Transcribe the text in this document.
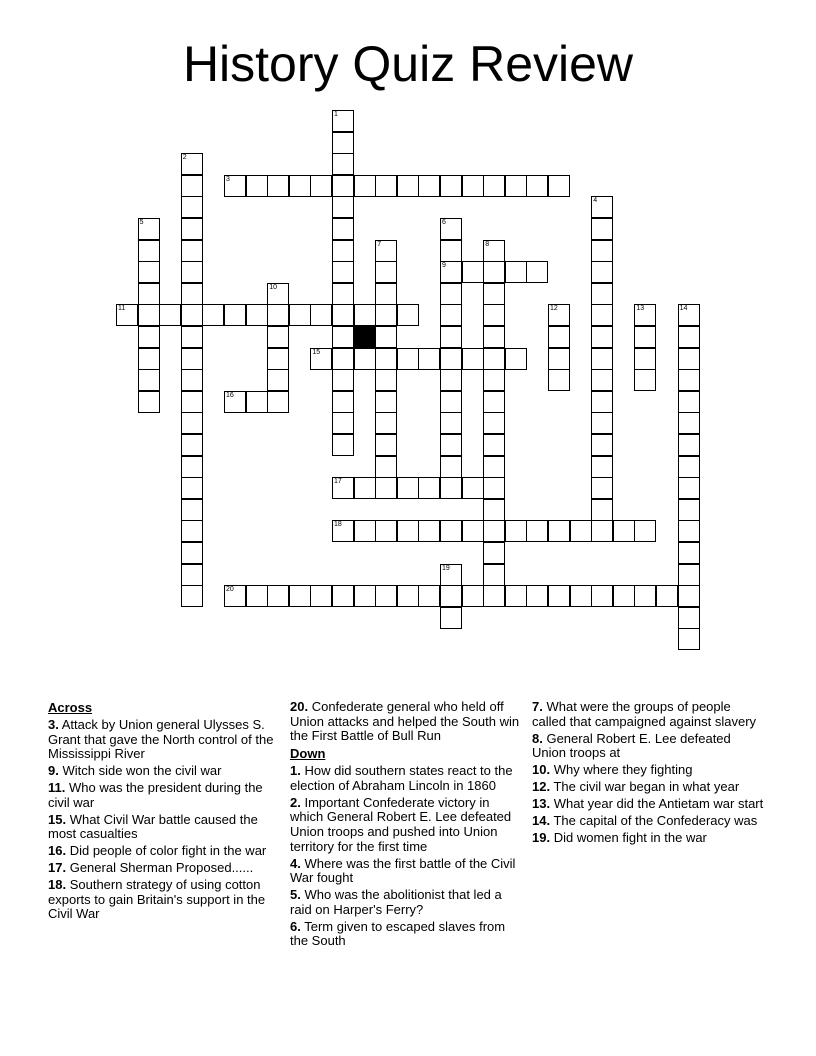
History Quiz Review
1
2
3
4
5	6
9
7	8
10
11	12	13	14
15
16
17
18
19
20
Across
3. Attack by Union general Ulysses S. Grant that gave the North control of the Mississippi River
9. Witch side won the civil war
11. Who was the president during the civil war
15. What Civil War battle caused the most casualties
16. Did people of color fight in the war
17. General Sherman Proposed......
18. Southern strategy of using cotton exports to gain Britain's support in the Civil War
20. Confederate general who held off Union attacks and helped the South win the First Battle of Bull Run
Down
1. How did southern states react to the election of Abraham Lincoln in 1860
2. Important Confederate victory in which General Robert E. Lee defeated Union troops and pushed into Union territory for the first time
4. Where was the first battle of the Civil War fought
5. Who was the abolitionist that led a raid on Harper's Ferry?
6. Term given to escaped slaves from the South
7. What were the groups of people called that campaigned against slavery
8. General Robert E. Lee defeated Union troops at
10. Why where they fighting
12. The civil war began in what year
13. What year did the Antietam war start
14. The capital of the Confederacy was
19. Did women fight in the war
